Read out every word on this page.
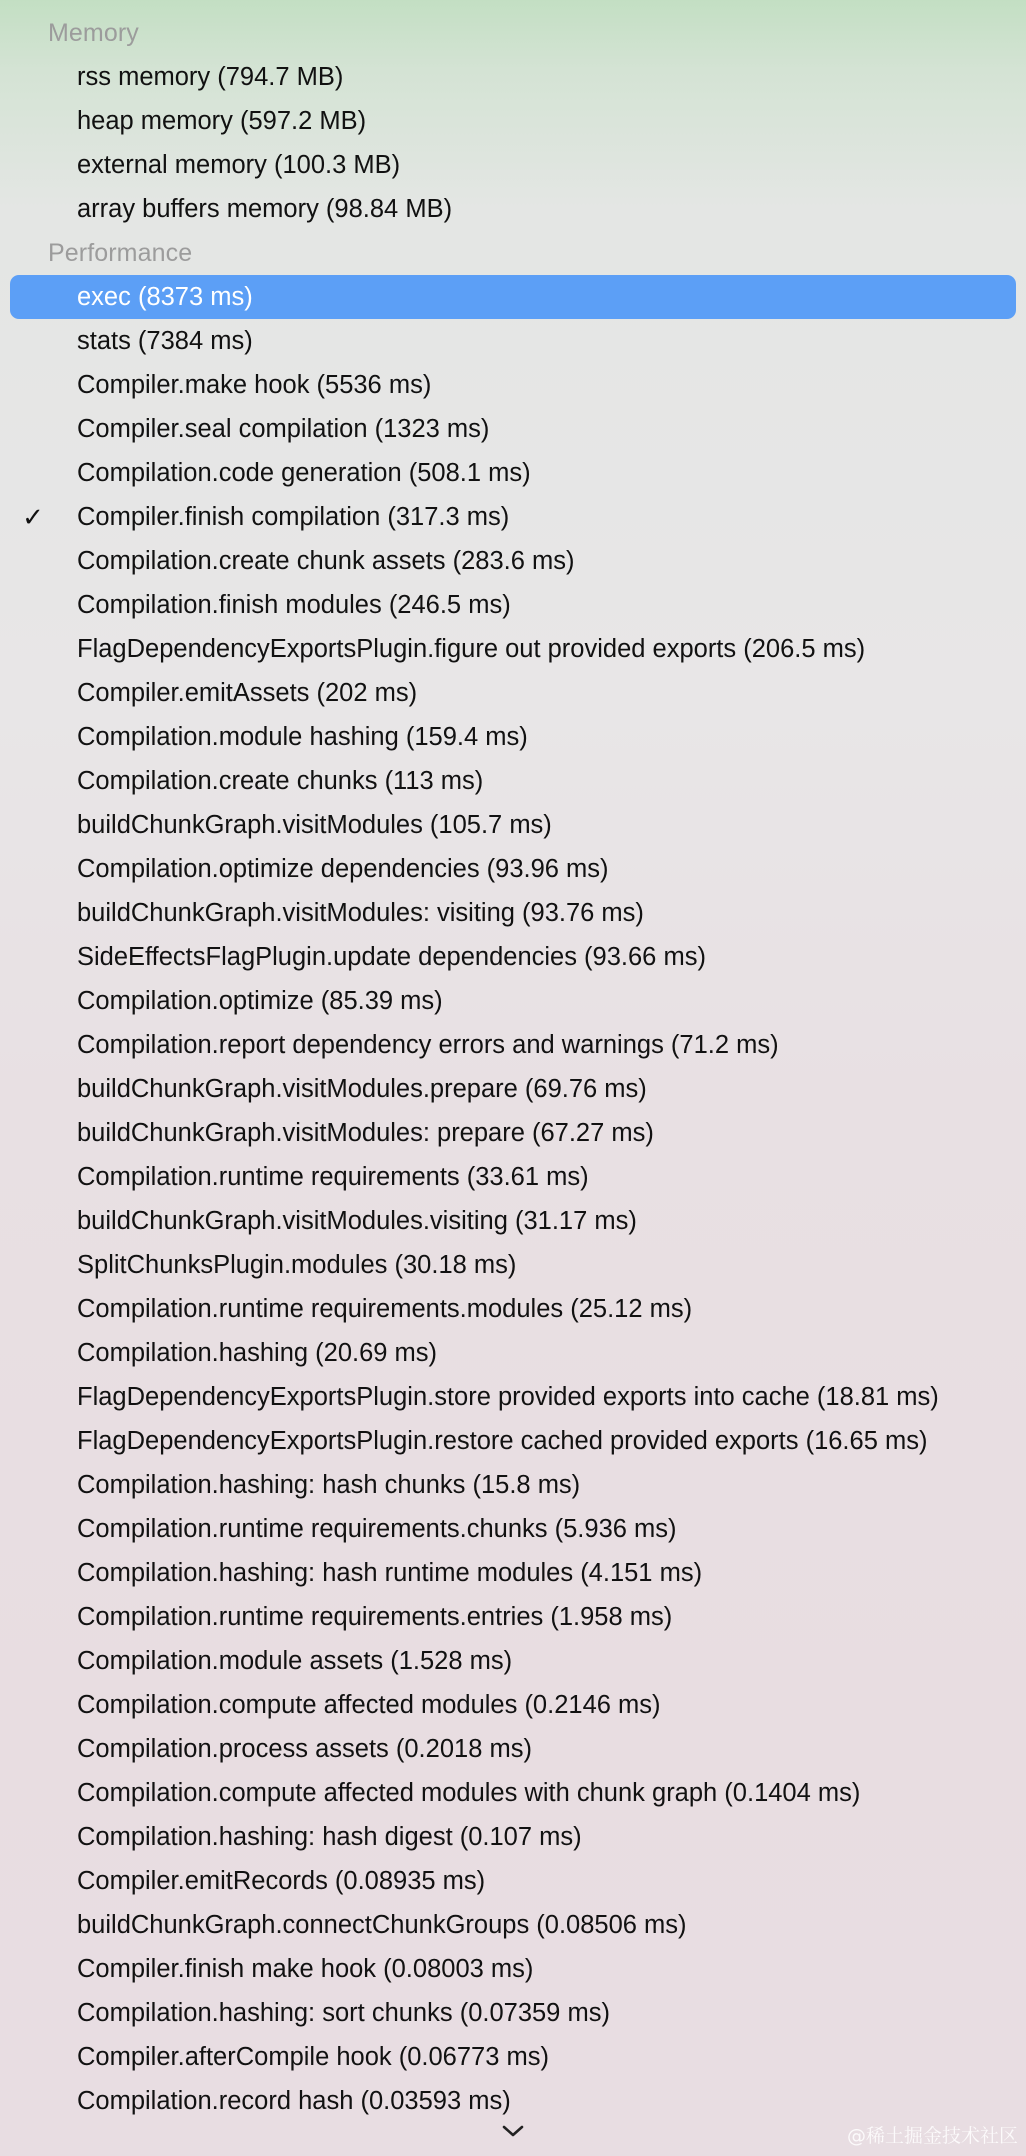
Memory
rss memory (794.7 MB)
heap memory (597.2 MB)
external memory (100.3 MB)
array buffers memory (98.84 MB)
Performance
exec (8373 ms)
stats (7384 ms)
Compiler.make hook (5536 ms)
Compiler.seal compilation (1323 ms)
Compilation.code generation (508.1 ms)
✓ Compiler.finish compilation (317.3 ms)
Compilation.create chunk assets (283.6 ms)
Compilation.finish modules (246.5 ms)
FlagDependencyExportsPlugin.figure out provided exports (206.5 ms)
Compiler.emitAssets (202 ms)
Compilation.module hashing (159.4 ms)
Compilation.create chunks (113 ms)
buildChunkGraph.visitModules (105.7 ms)
Compilation.optimize dependencies (93.96 ms)
buildChunkGraph.visitModules: visiting (93.76 ms)
SideEffectsFlagPlugin.update dependencies (93.66 ms)
Compilation.optimize (85.39 ms)
Compilation.report dependency errors and warnings (71.2 ms)
buildChunkGraph.visitModules.prepare (69.76 ms)
buildChunkGraph.visitModules: prepare (67.27 ms)
Compilation.runtime requirements (33.61 ms)
buildChunkGraph.visitModules.visiting (31.17 ms)
SplitChunksPlugin.modules (30.18 ms)
Compilation.runtime requirements.modules (25.12 ms)
Compilation.hashing (20.69 ms)
FlagDependencyExportsPlugin.store provided exports into cache (18.81 ms)
FlagDependencyExportsPlugin.restore cached provided exports (16.65 ms)
Compilation.hashing: hash chunks (15.8 ms)
Compilation.runtime requirements.chunks (5.936 ms)
Compilation.hashing: hash runtime modules (4.151 ms)
Compilation.runtime requirements.entries (1.958 ms)
Compilation.module assets (1.528 ms)
Compilation.compute affected modules (0.2146 ms)
Compilation.process assets (0.2018 ms)
Compilation.compute affected modules with chunk graph (0.1404 ms)
Compilation.hashing: hash digest (0.107 ms)
Compiler.emitRecords (0.08935 ms)
buildChunkGraph.connectChunkGroups (0.08506 ms)
Compiler.finish make hook (0.08003 ms)
Compilation.hashing: sort chunks (0.07359 ms)
Compiler.afterCompile hook (0.06773 ms)
Compilation.record hash (0.03593 ms)
@稀土掘金技术社区
